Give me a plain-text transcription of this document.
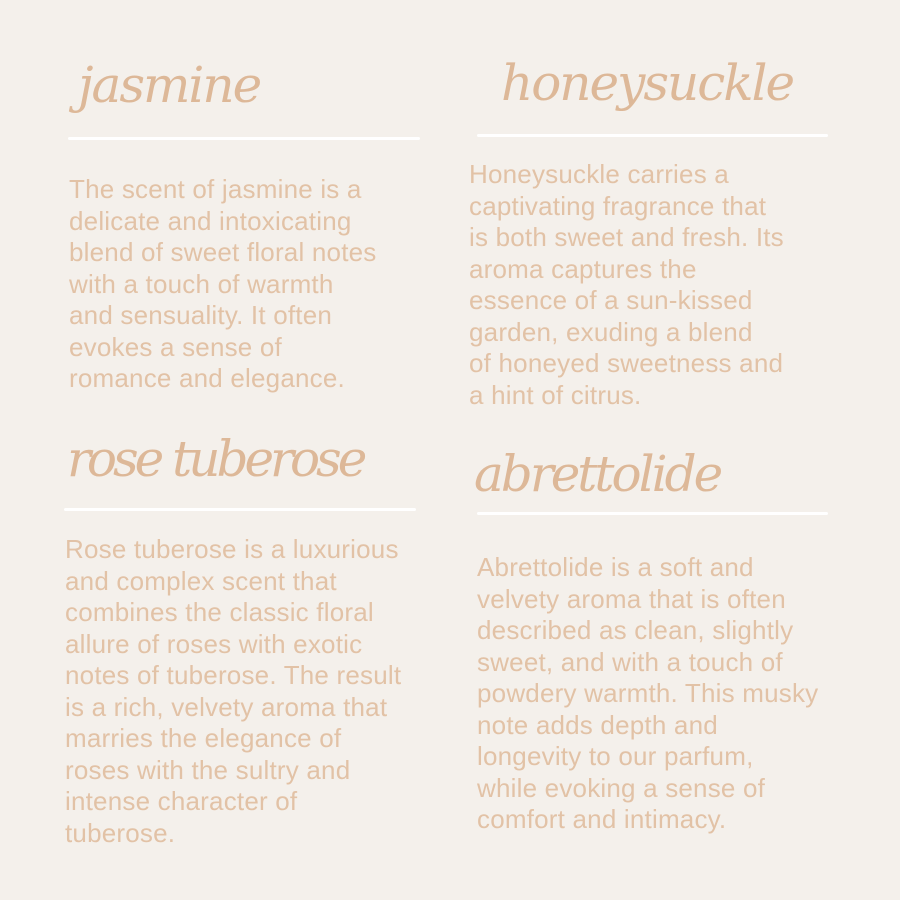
jasmine
The scent of jasmine is a
delicate and intoxicating
blend of sweet floral notes
with a touch of warmth
and sensuality. It often
evokes a sense of
romance and elegance.
honeysuckle
Honeysuckle carries a
captivating fragrance that
is both sweet and fresh. Its
aroma captures the
essence of a sun-kissed
garden, exuding a blend
of honeyed sweetness and
a hint of citrus.
rose tuberose
Rose tuberose is a luxurious
and complex scent that
combines the classic floral
allure of roses with exotic
notes of tuberose. The result
is a rich, velvety aroma that
marries the elegance of
roses with the sultry and
intense character of
tuberose.
abrettolide
Abrettolide is a soft and
velvety aroma that is often
described as clean, slightly
sweet, and with a touch of
powdery warmth. This musky
note adds depth and
longevity to our parfum,
while evoking a sense of
comfort and intimacy.
